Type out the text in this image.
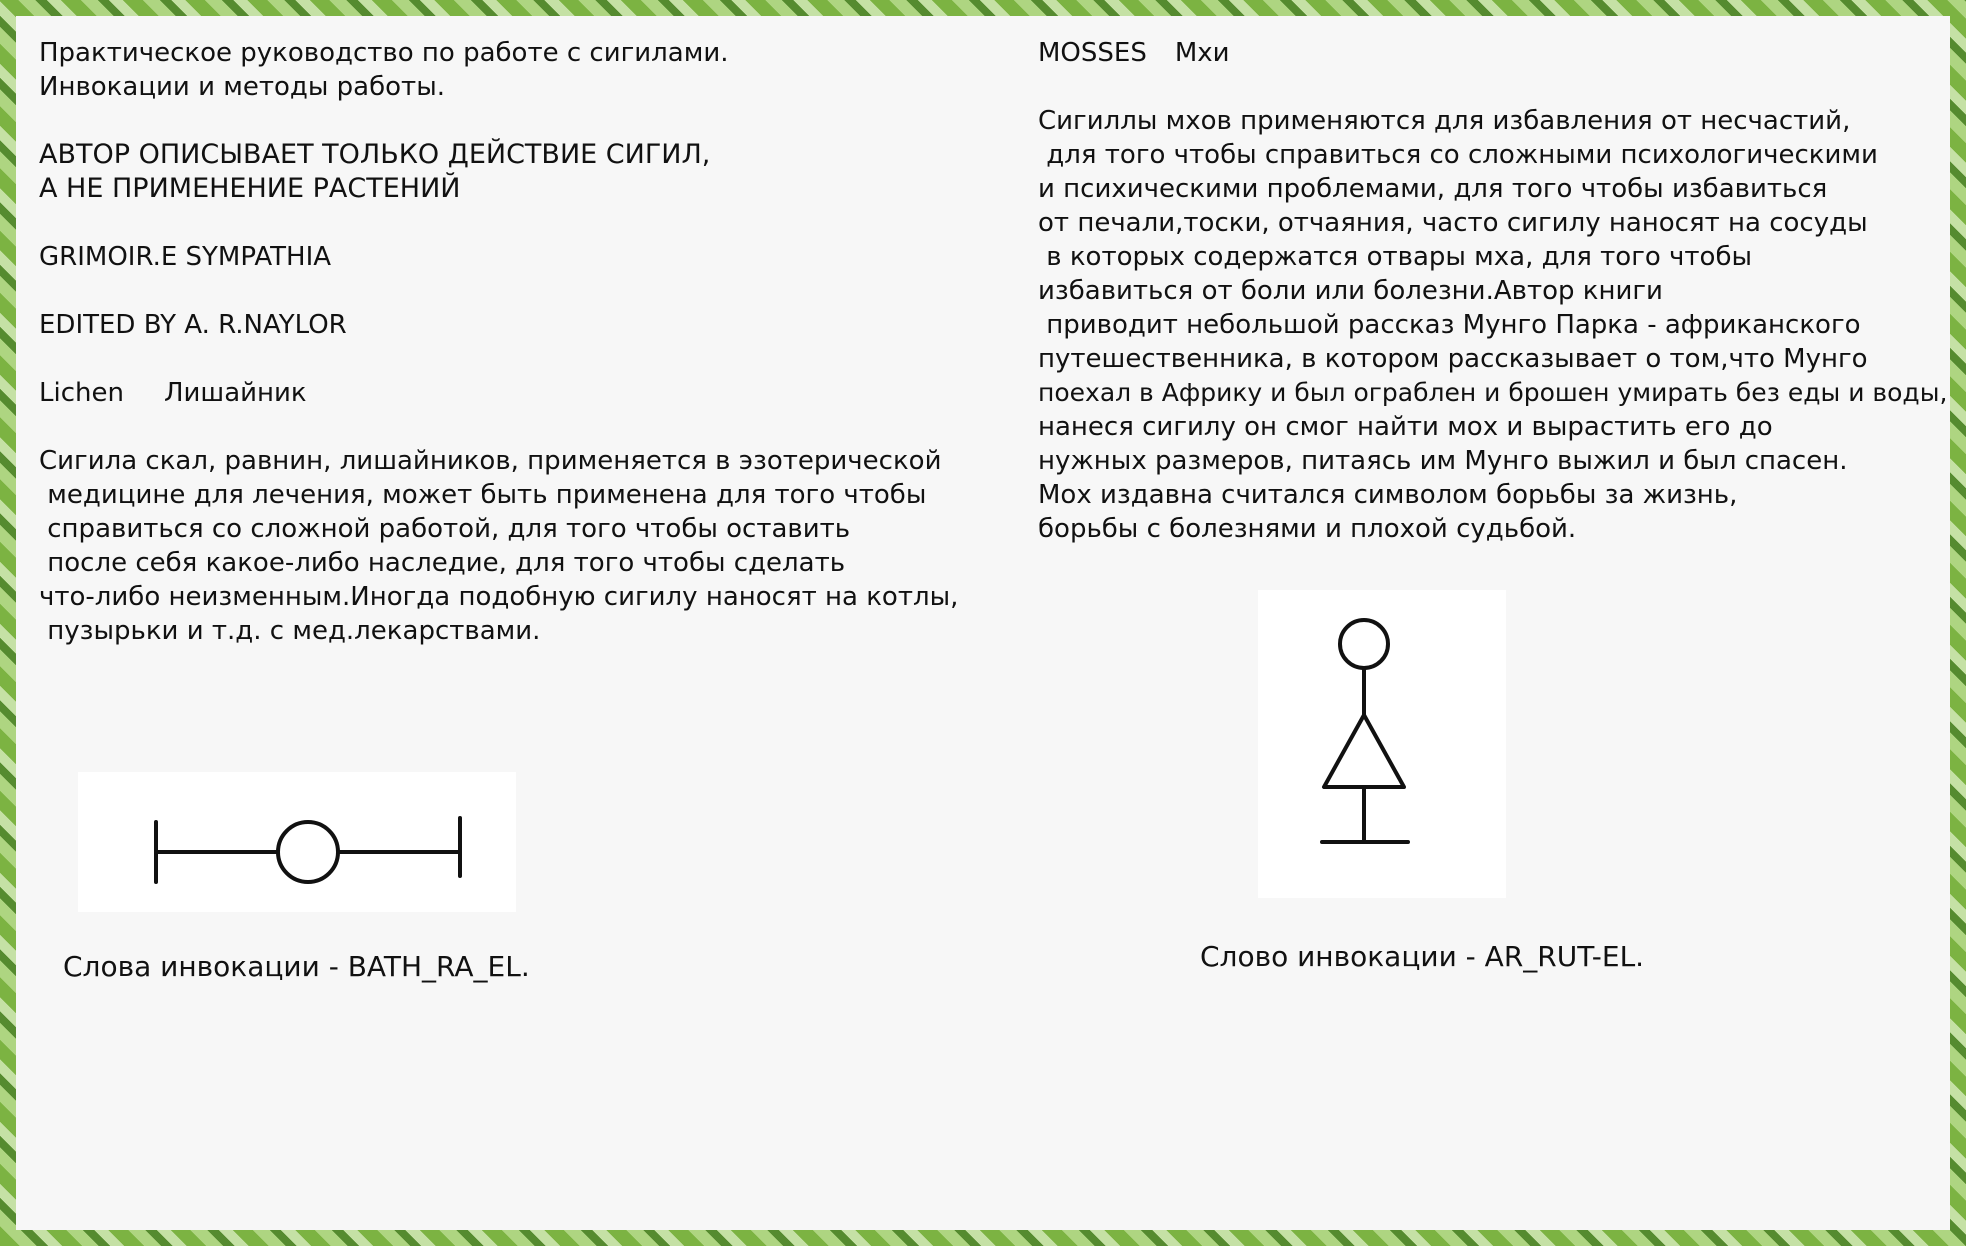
Практическое руководство по работе с сигилами.
Инвокации и методы работы.
АВТОР ОПИСЫВАЕТ ТОЛЬКО ДЕЙСТВИЕ СИГИЛ,
А НЕ ПРИМЕНЕНИЕ РАСТЕНИЙ
GRIMOIR.E SYMPATHIA
EDITED BY A. R.NAYLOR
Lichen Лишайник
Сигила скал, равнин, лишайников, применяется в эзотерической
медицине для лечения, может быть применена для того чтобы
справиться со сложной работой, для того чтобы оставить
после себя какое-либо наследие, для того чтобы сделать
что-либо неизменным.Иногда подобную сигилу наносят на котлы,
пузырьки и т.д. с мед.лекарствами.
Слова инвокации - BATH_RA_EL.
MOSSES Мхи
Сигиллы мхов применяются для избавления от несчастий,
для того чтобы справиться со сложными психологическими
и психическими проблемами, для того чтобы избавиться
от печали,тоски, отчаяния, часто сигилу наносят на сосуды
в которых содержатся отвары мха, для того чтобы
избавиться от боли или болезни.Автор книги
приводит небольшой рассказ Мунго Парка - африканского
путешественника, в котором рассказывает о том,что Мунго
поехал в Африку и был ограблен и брошен умирать без еды и воды,
нанеся сигилу он смог найти мох и вырастить его до
нужных размеров, питаясь им Мунго выжил и был спасен.
Мох издавна считался символом борьбы за жизнь,
борьбы с болезнями и плохой судьбой.
Слово инвокации - AR_RUT-EL.
